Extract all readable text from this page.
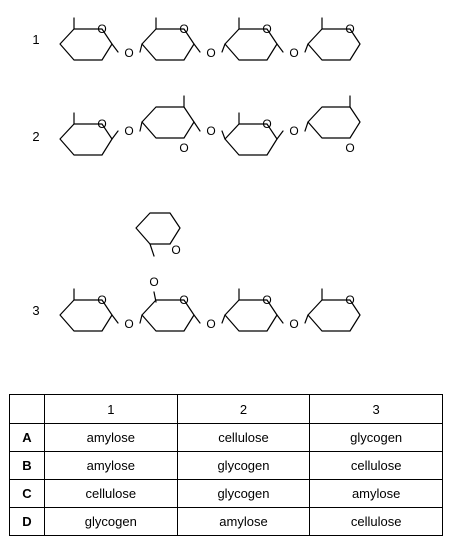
O	O	O	O
O	O	O
O
O
O
O
O	O	O
O
O
O	O	O	O
O	O	O
1
2
3
	1	2	3
A	amylose	cellulose	glycogen
B	amylose	glycogen	cellulose
C	cellulose	glycogen	amylose
D	glycogen	amylose	cellulose
